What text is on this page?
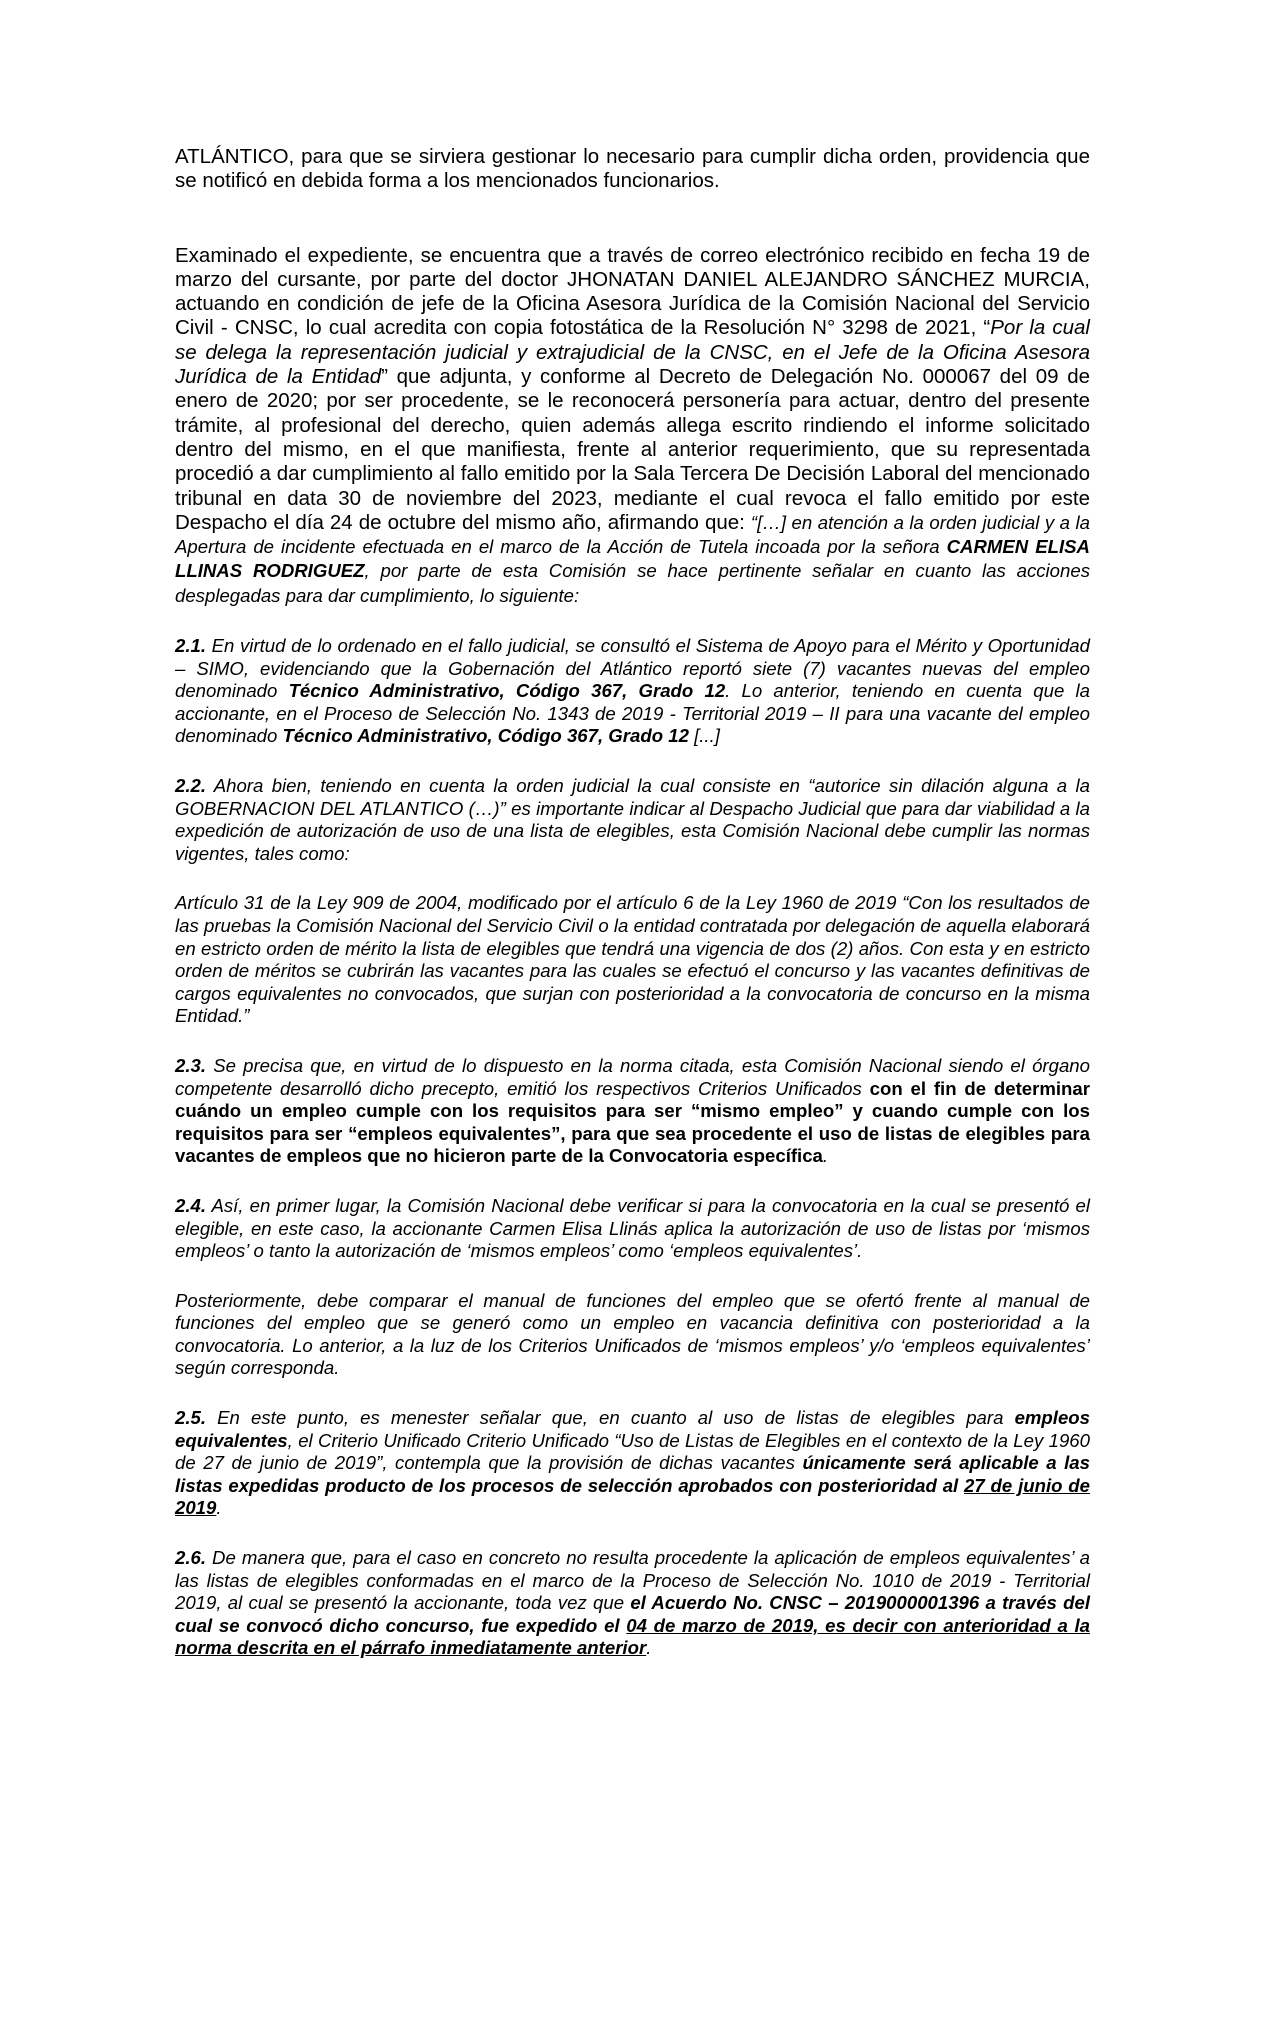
ATLÁNTICO, para que se sirviera gestionar lo necesario para cumplir dicha orden, providencia que se notificó en debida forma a los mencionados funcionarios.

Examinado el expediente, se encuentra que a través de correo electrónico recibido en fecha 19 de marzo del cursante, por parte del doctor JHONATAN DANIEL ALEJANDRO SÁNCHEZ MURCIA, actuando en condición de jefe de la Oficina Asesora Jurídica de la Comisión Nacional del Servicio Civil - CNSC, lo cual acredita con copia fotostática de la Resolución N° 3298 de 2021, “Por la cual se delega la representación judicial y extrajudicial de la CNSC, en el Jefe de la Oficina Asesora Jurídica de la Entidad” que adjunta, y conforme al Decreto de Delegación No. 000067 del 09 de enero de 2020; por ser procedente, se le reconocerá personería para actuar, dentro del presente trámite, al profesional del derecho, quien además allega escrito rindiendo el informe solicitado dentro del mismo, en el que manifiesta, frente al anterior requerimiento, que su representada procedió a dar cumplimiento al fallo emitido por la Sala Tercera De Decisión Laboral del mencionado tribunal en data 30 de noviembre del 2023, mediante el cual revoca el fallo emitido por este Despacho el día 24 de octubre del mismo año, afirmando que: “[…] en atención a la orden judicial y a la Apertura de incidente efectuada en el marco de la Acción de Tutela incoada por la señora CARMEN ELISA LLINAS RODRIGUEZ, por parte de esta Comisión se hace pertinente señalar en cuanto las acciones desplegadas para dar cumplimiento, lo siguiente:

2.1. En virtud de lo ordenado en el fallo judicial, se consultó el Sistema de Apoyo para el Mérito y Oportunidad – SIMO, evidenciando que la Gobernación del Atlántico reportó siete (7) vacantes nuevas del empleo denominado Técnico Administrativo, Código 367, Grado 12. Lo anterior, teniendo en cuenta que la accionante, en el Proceso de Selección No. 1343 de 2019 - Territorial 2019 – II para una vacante del empleo denominado Técnico Administrativo, Código 367, Grado 12 [...]

2.2. Ahora bien, teniendo en cuenta la orden judicial la cual consiste en “autorice sin dilación alguna a la GOBERNACION DEL ATLANTICO (…)” es importante indicar al Despacho Judicial que para dar viabilidad a la expedición de autorización de uso de una lista de elegibles, esta Comisión Nacional debe cumplir las normas vigentes, tales como:

Artículo 31 de la Ley 909 de 2004, modificado por el artículo 6 de la Ley 1960 de 2019 “Con los resultados de las pruebas la Comisión Nacional del Servicio Civil o la entidad contratada por delegación de aquella elaborará en estricto orden de mérito la lista de elegibles que tendrá una vigencia de dos (2) años. Con esta y en estricto orden de méritos se cubrirán las vacantes para las cuales se efectuó el concurso y las vacantes definitivas de cargos equivalentes no convocados, que surjan con posterioridad a la convocatoria de concurso en la misma Entidad.”

2.3. Se precisa que, en virtud de lo dispuesto en la norma citada, esta Comisión Nacional siendo el órgano competente desarrolló dicho precepto, emitió los respectivos Criterios Unificados con el fin de determinar cuándo un empleo cumple con los requisitos para ser “mismo empleo” y cuando cumple con los requisitos para ser “empleos equivalentes”, para que sea procedente el uso de listas de elegibles para vacantes de empleos que no hicieron parte de la Convocatoria específica.

2.4. Así, en primer lugar, la Comisión Nacional debe verificar si para la convocatoria en la cual se presentó el elegible, en este caso, la accionante Carmen Elisa Llinás aplica la autorización de uso de listas por ‘mismos empleos’ o tanto la autorización de ‘mismos empleos’ como ‘empleos equivalentes’.

Posteriormente, debe comparar el manual de funciones del empleo que se ofertó frente al manual de funciones del empleo que se generó como un empleo en vacancia definitiva con posterioridad a la convocatoria. Lo anterior, a la luz de los Criterios Unificados de ‘mismos empleos’ y/o ‘empleos equivalentes’ según corresponda.

2.5. En este punto, es menester señalar que, en cuanto al uso de listas de elegibles para empleos equivalentes, el Criterio Unificado Criterio Unificado “Uso de Listas de Elegibles en el contexto de la Ley 1960 de 27 de junio de 2019”, contempla que la provisión de dichas vacantes únicamente será aplicable a las listas expedidas producto de los procesos de selección aprobados con posterioridad al 27 de junio de 2019.

2.6. De manera que, para el caso en concreto no resulta procedente la aplicación de empleos equivalentes’ a las listas de elegibles conformadas en el marco de la Proceso de Selección No. 1010 de 2019 - Territorial 2019, al cual se presentó la accionante, toda vez que el Acuerdo No. CNSC – 2019000001396 a través del cual se convocó dicho concurso, fue expedido el 04 de marzo de 2019, es decir con anterioridad a la norma descrita en el párrafo inmediatamente anterior.
